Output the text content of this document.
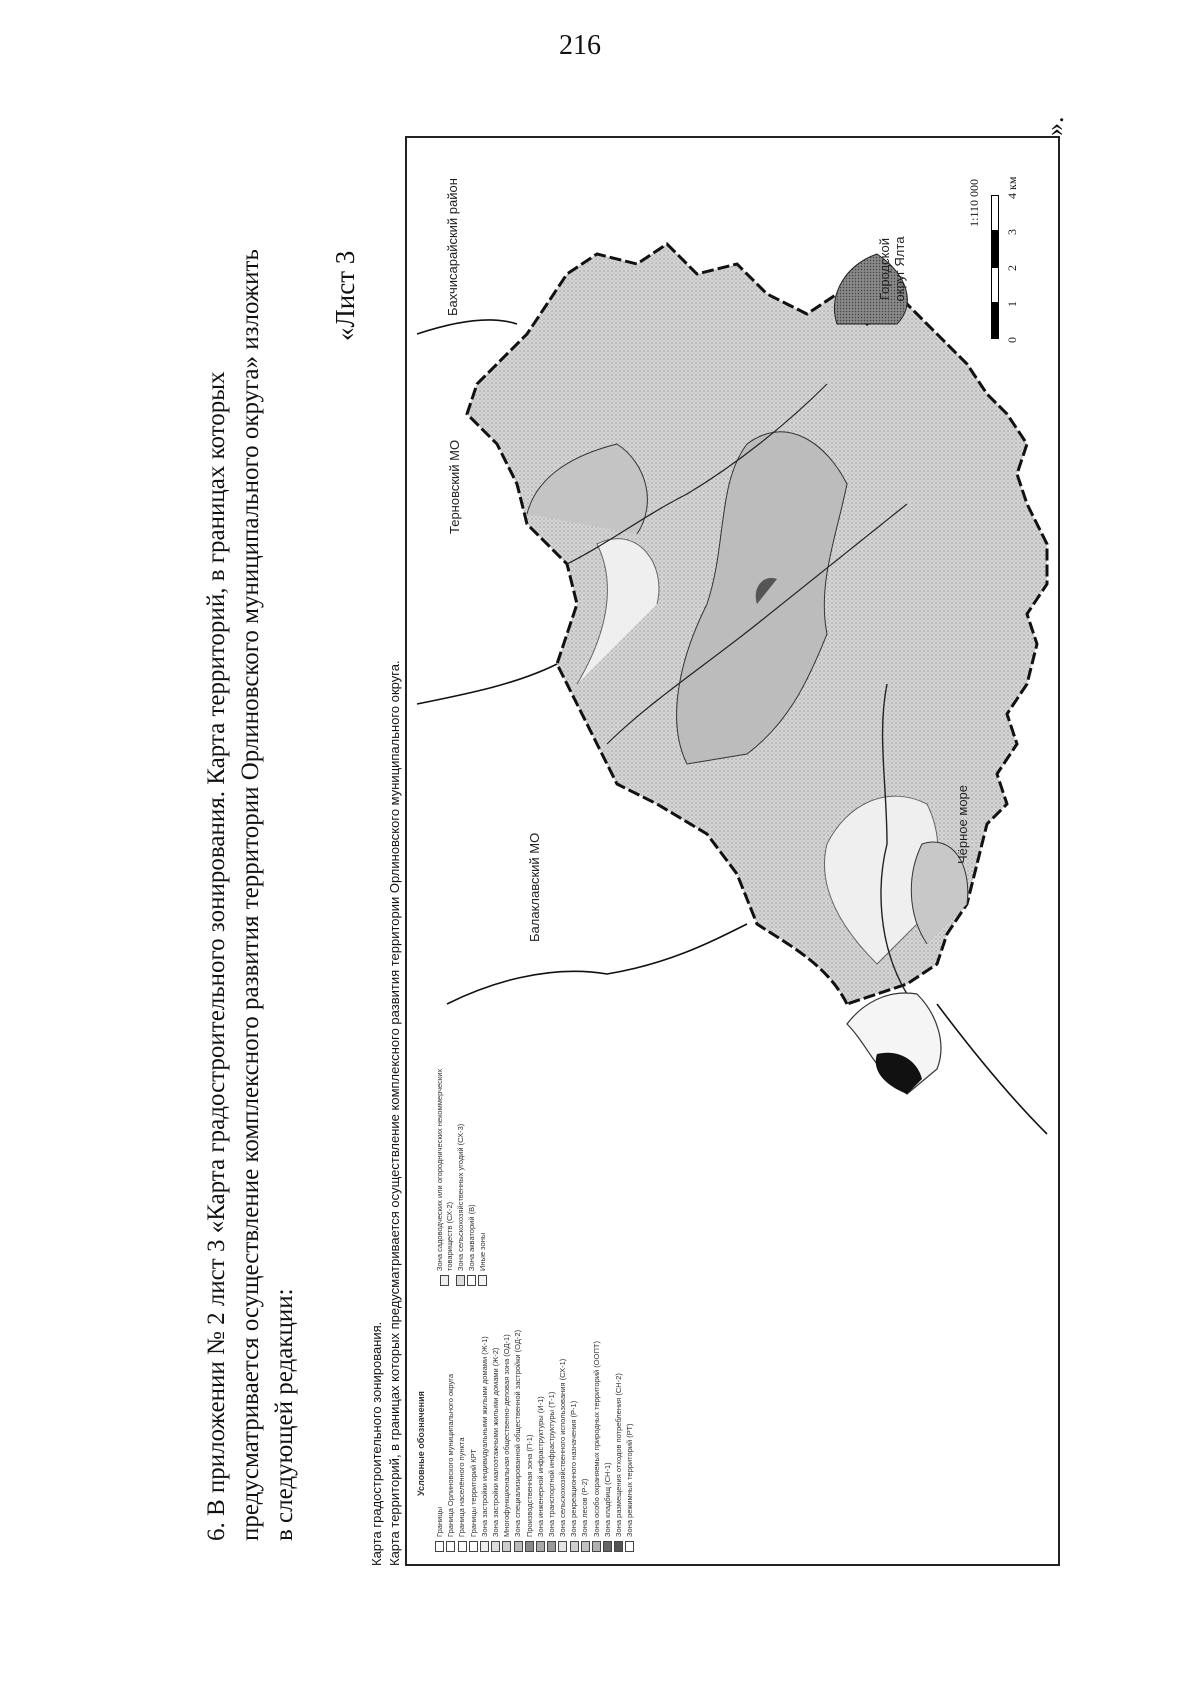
216

6. В приложении № 2 лист 3 «Карта градостроительного зонирования. Карта территорий, в границах которых предусматривается осуществление комплексного развития территории Орлиновского муниципального округа» изложить в следующей редакции:

«Лист 3
Карта градостроительного зонирования. Карта территорий, в границах которых предусматривается осуществление комплексного развития территории Орлиновского муниципального округа. Условные обозначения
Границы Граница Орлиновского муниципального округа Граница населённого пункта Границы территорий КРТ Зона застройки индивидуальными жилыми домами (Ж-1) Зона застройки малоэтажными жилыми домами (Ж-2) Многофункциональная общественно-деловая зона (ОД-1) Зона специализированной общественной застройки (ОД-2) Производственная зона (П-1) Зона инженерной инфраструктуры (И-1) Зона транспортной инфраструктуры (Т-1) Зона сельскохозяйственного использования (СХ-1) Зона рекреационного назначения (Р-1) Зона лесов (Р-2) Зона особо охраняемых природных территорий (ООПТ) Зона кладбищ (СН-1) Зона размещения отходов потребления (СН-2) Зона режимных территорий (РТ)
Зона садоводческих или огороднических некоммерческих товариществ (СХ-2) Зона сельскохозяйственных угодий (СХ-3) Зона акваторий (В) Иные зоны
Бахчисарайский район
Терновский МО
Балаклавский МО
Чёрное море
Городской округ Ялта
1:110 000
0
1
2
3
4 км
».
